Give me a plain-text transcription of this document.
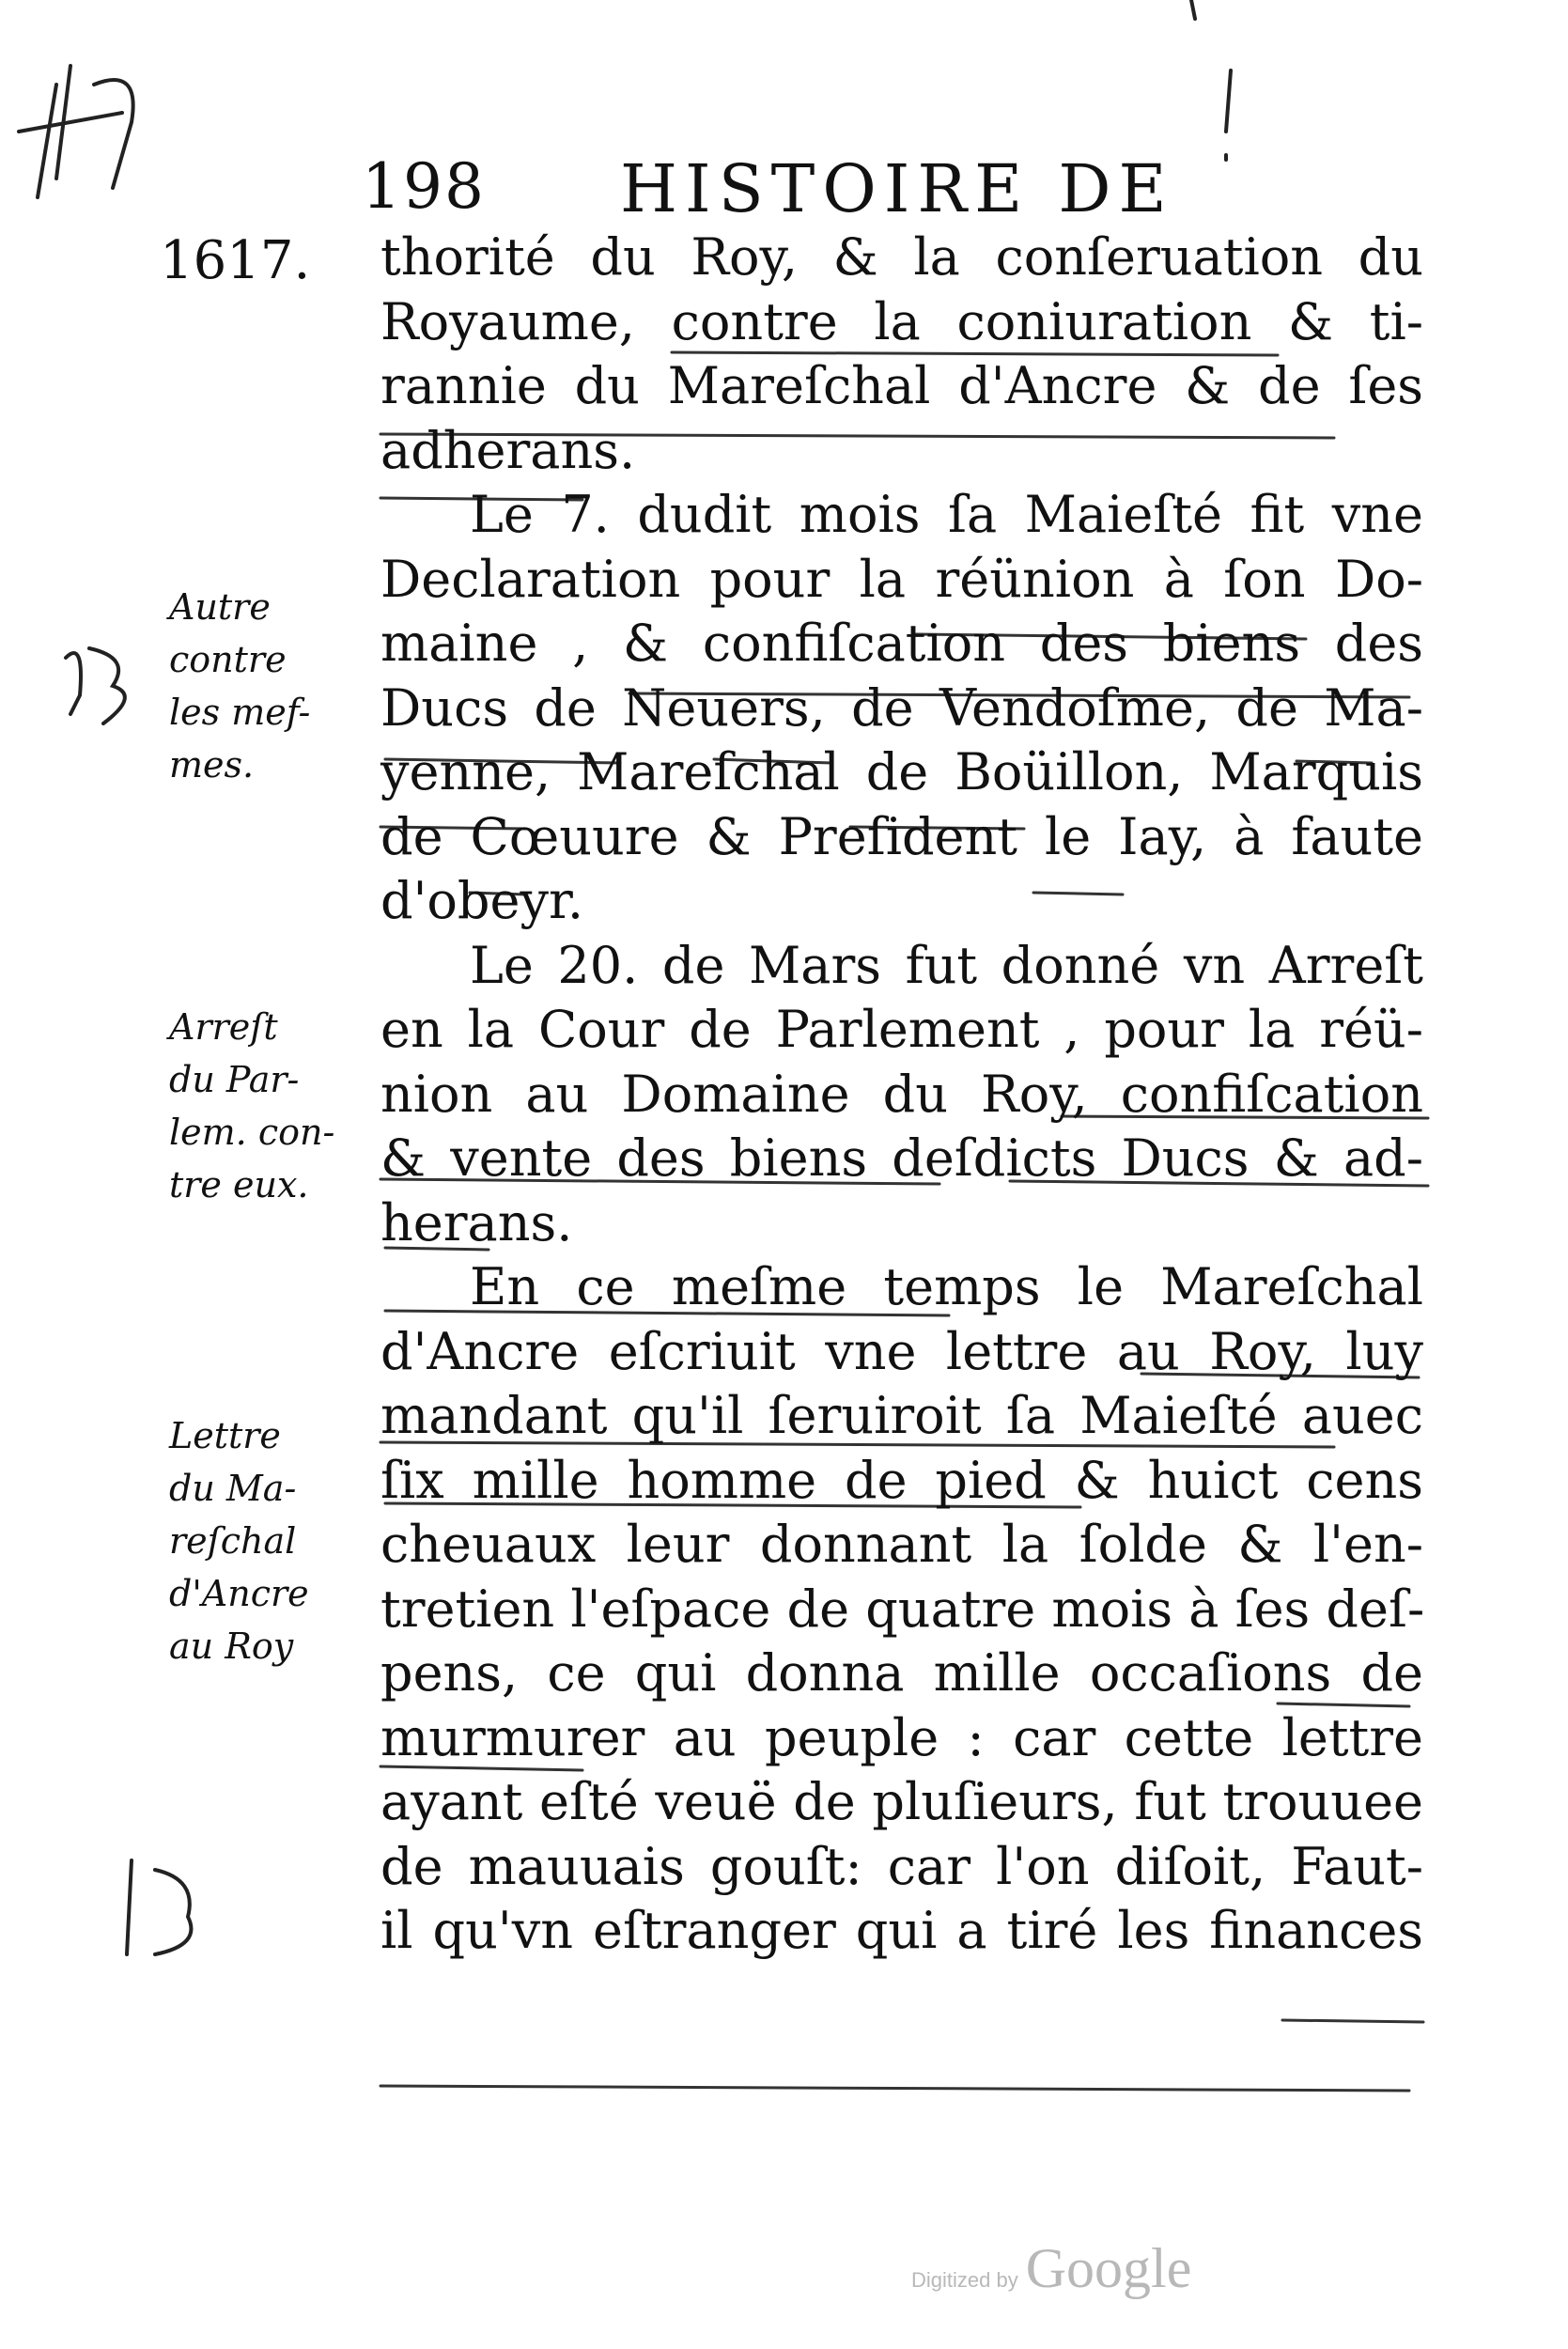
198 HISTOIRE DE
1617.
Autre
contre
les mef-
mes.
Arreſt
du Par-
lem. con-
tre eux.
Lettre
du Ma-
reſchal
d'Ancre
au Roy
thorité du Roy, & la conſeruation du
Royaume, contre la coniuration & ti-
rannie du Mareſchal d'Ancre & de ſes
adherans.
Le 7. dudit mois ſa Maieſté fit vne
Declaration pour la réünion à ſon Do-
maine , & confiſcation des biens des
Ducs de Neuers, de Vendoſme, de Ma-
yenne, Mareſchal de Boüillon, Marquis
de Cœuure & Preſident le Iay, à faute
d'obeyr.
Le 20. de Mars fut donné vn Arreſt
en la Cour de Parlement , pour la réü-
nion au Domaine du Roy, confiſcation
& vente des biens deſdicts Ducs & ad-
herans.
En ce meſme temps le Mareſchal
d'Ancre eſcriuit vne lettre au Roy, luy
mandant qu'il ſeruiroit ſa Maieſté auec
ſix mille homme de pied & huict cens
cheuaux leur donnant la ſolde & l'en-
tretien l'eſpace de quatre mois à ſes deſ-
pens, ce qui donna mille occaſions de
murmurer au peuple : car cette lettre
ayant eſté veuë de pluſieurs, fut trouuee
de mauuais gouſt: car l'on diſoit, Faut-
il qu'vn eſtranger qui a tiré les finances
Digitized by Google
